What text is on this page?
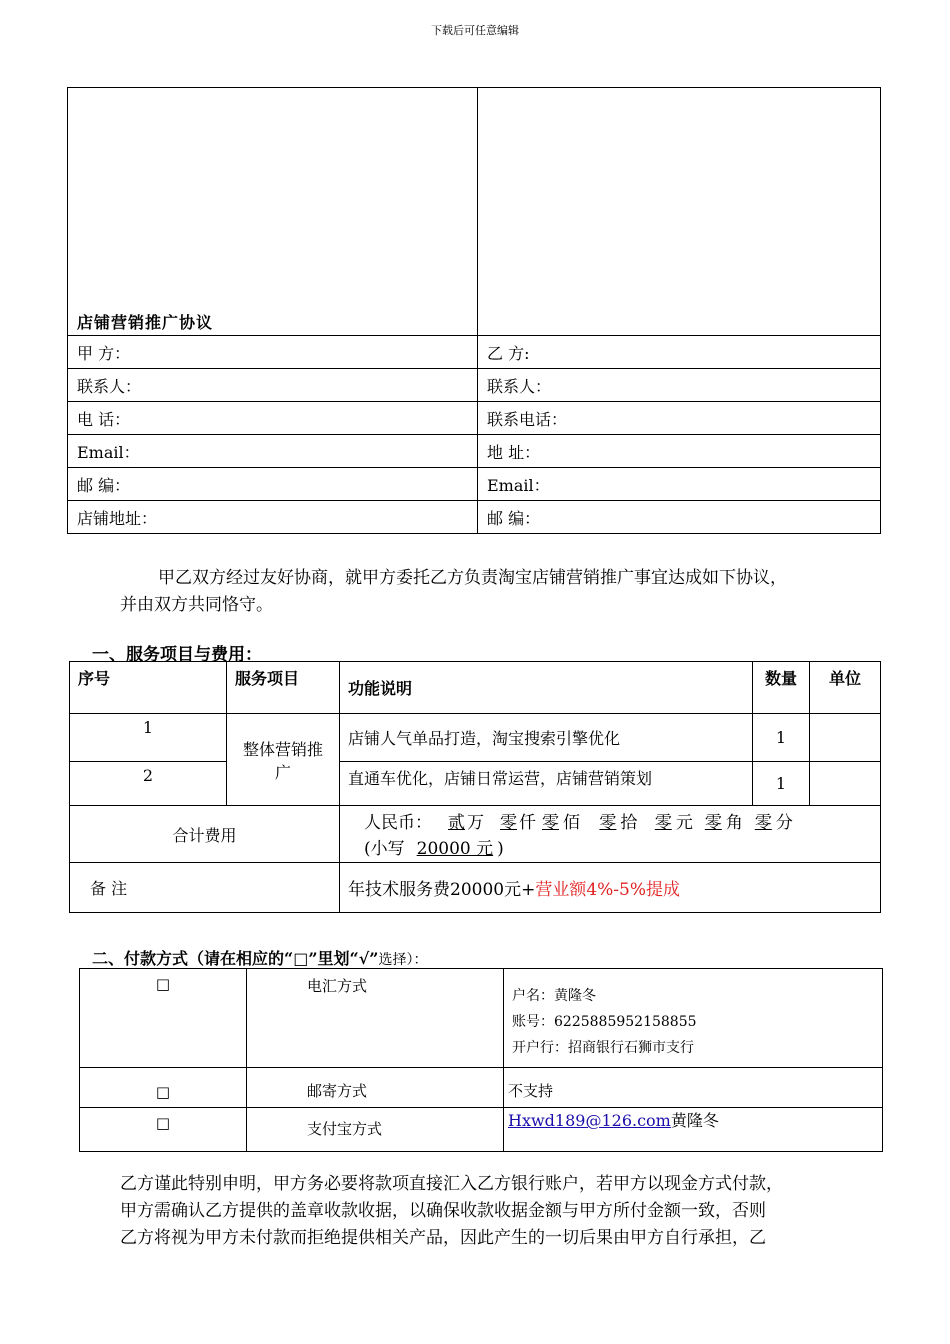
下载后可任意编辑
店铺营销推广协议	
甲 方：	乙 方:
联系人：	联系人：
电 话：	联系电话：
Email：	地 址：
邮 编：	Email：
店铺地址：	邮 编：
甲乙双方经过友好协商，就甲方委托乙方负责淘宝店铺营销推广事宜达成如下协议，
并由双方共同恪守。
一、服务项目与费用：
序号	服务项目	功能说明	数量	单位
1	整体营销推广	店铺人气单品打造，淘宝搜索引擎优化	1	
2		直通车优化，店铺日常运营，店铺营销策划	1	
合计费用		人民币： 贰 万 零 仟 零 佰 零 拾 零 元 零 角 零 分
(小写 20000 元 )		

备 注		年技术服务费20000元+营业额4%-5%提成		
二、付款方式（请在相应的“□”里划“√”选择）：
□	电汇方式	户名：黄隆冬
账号：6225885952158855
开户行：招商银行石狮市支行

□	邮寄方式	不支持
□	支付宝方式	Hxwd189@126.com黄隆冬
乙方谨此特别申明，甲方务必要将款项直接汇入乙方银行账户，若甲方以现金方式付款，
甲方需确认乙方提供的盖章收款收据，以确保收款收据金额与甲方所付金额一致，否则
乙方将视为甲方未付款而拒绝提供相关产品，因此产生的一切后果由甲方自行承担，乙
